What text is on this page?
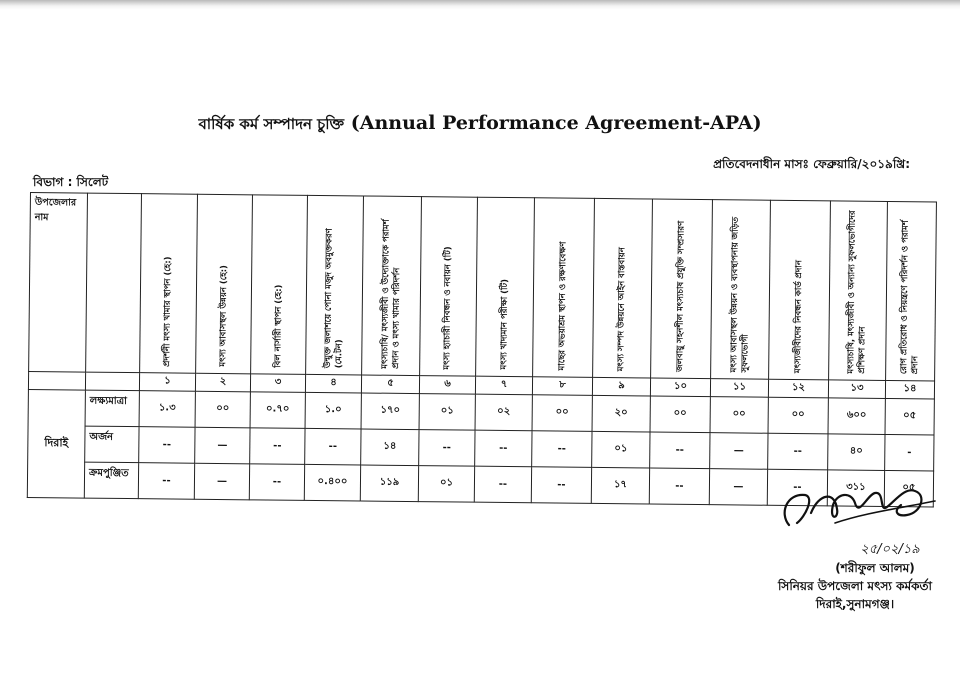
বার্ষিক কর্ম সম্পাদন চুক্তি (Annual Performance Agreement-APA)
প্রতিবেদনাধীন মাসঃ ফেব্রুয়ারি/২০১৯খ্রি:
বিভাগ : সিলেট
উপজেলার নাম		প্রদর্শনী মৎস্য খামার স্থাপন (হে:)	মৎস্য আবাসস্থল উন্নয়ন (হে:)	বিল নার্সারী স্থাপন (হে:)	উন্মুক্ত জলাশয়ে পোনা মজুদ অবমুক্তকরণ (মে.টন)	মৎস্যচাষি/ মৎস্যজীবী ও উদ্যোক্তাকে পরামর্শ প্রদান ও মৎস্য খামার পরিদর্শন	মৎস্য হ্যাচারী নিবন্ধন ও নবায়ন (টি)	মৎস্য খাদ্যমান পরীক্ষা (টি)	মাছের অভয়াশ্রম স্থাপন ও রক্ষণাবেক্ষণ	মৎস্য সম্পদ উন্নয়নে আইন বাস্তবায়ন	জলবায়ু সহনশীল মৎস্যচাষ প্রযুক্তি সম্প্রসারণ	মৎস্য আবাসস্থল উন্নয়ন ও ব্যবস্থাপনায় জড়িত সুফলভোগী	মৎস্যজীবীদের নিবন্ধন কার্ড প্রদান	মৎস্যচাষি, মৎস্যজীবী ও অন্যান্য সুফলভোগীদের প্রশিক্ষণ প্রদান	রোগ প্রতিরোধ ও নিয়ন্ত্রণে পরিদর্শন ও পরামর্শ প্রদান
		১	২	৩	৪	৫	৬	৭	৮	৯	১০	১১	১২	১৩	১৪
দিরাই	লক্ষ্যমাত্রা	১.৩	০০	০.৭০	১.০	১৭০	০১	০২	০০	২০	০০	০০	০০	৬০০	০৫
	অর্জন	--	—	--	--	১৪	--	--	--	০১	--	—	--	৪০	-
	ক্রমপুঞ্জিত	--	—	--	০.৪০০	১১৯	০১	--	--	১৭	--	—	--	৩১১	০৫
২৫/০২/১৯
(শরীফুল আলম)
সিনিয়র উপজেলা মৎস্য কর্মকর্তা
দিরাই,সুনামগঞ্জ।
